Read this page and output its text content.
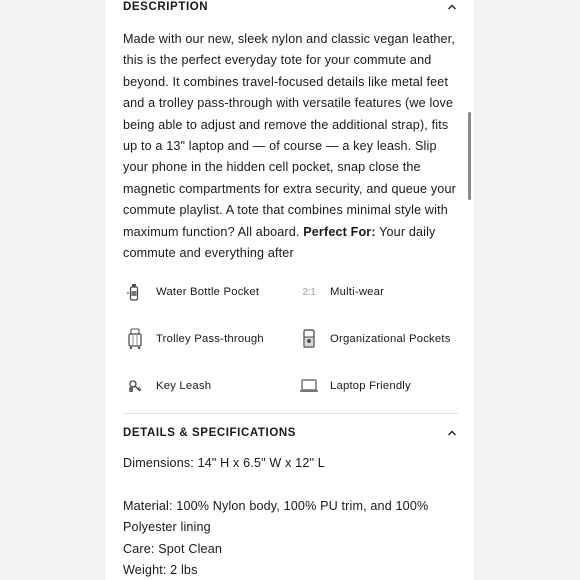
DESCRIPTION

Made with our new, sleek nylon and classic vegan leather, this is the perfect everyday tote for your commute and beyond. It combines travel-focused details like metal feet and a trolley pass-through with versatile features (we love being able to adjust and remove the additional strap), fits up to a 13" laptop and — of course — a key leash. Slip your phone in the hidden cell pocket, snap close the magnetic compartments for extra security, and queue your commute playlist. A tote that combines minimal style with maximum function? All aboard. Perfect For: Your daily commute and everything after

Water Bottle Pocket	2:1 Multi-wear
Trolley Pass-through	Organizational Pockets
Key Leash	Laptop Friendly
DETAILS & SPECIFICATIONS
Dimensions: 14" H x 6.5" W x 12" L
Material: 100% Nylon body, 100% PU trim, and 100%
Polyester lining
Care: Spot Clean
Weight: 2 lbs
